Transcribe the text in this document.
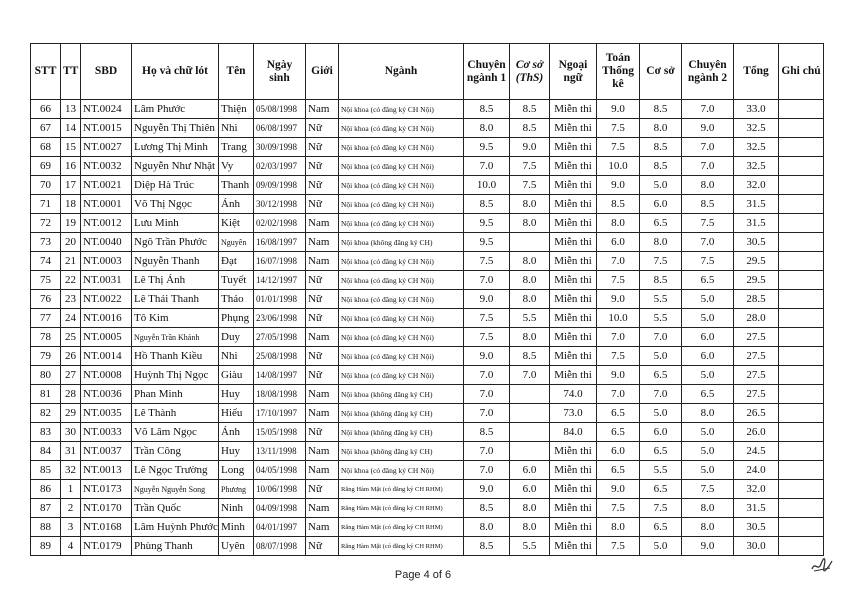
STT	TT	SBD	Họ và chữ lót	Tên	Ngày sinh	Giới	Ngành	Chuyên ngành 1	Cơ sở (ThS)	Ngoại ngữ	Toán Thống kê	Cơ sở	Chuyên ngành 2	Tổng	Ghi chú
66	13	NT.0024	Lâm Phước	Thiện	05/08/1998	Nam	Nội khoa (có đăng ký CH Nội)	8.5	8.5	Miễn thi	9.0	8.5	7.0	33.0	
67	14	NT.0015	Nguyễn Thị Thiên	Nhi	06/08/1997	Nữ	Nội khoa (có đăng ký CH Nội)	8.0	8.5	Miễn thi	7.5	8.0	9.0	32.5	
68	15	NT.0027	Lương Thị Minh	Trang	30/09/1998	Nữ	Nội khoa (có đăng ký CH Nội)	9.5	9.0	Miễn thi	7.5	8.5	7.0	32.5	
69	16	NT.0032	Nguyễn Như Nhật	Vy	02/03/1997	Nữ	Nội khoa (có đăng ký CH Nội)	7.0	7.5	Miễn thi	10.0	8.5	7.0	32.5	
70	17	NT.0021	Diệp Hà Trúc	Thanh	09/09/1998	Nữ	Nội khoa (có đăng ký CH Nội)	10.0	7.5	Miễn thi	9.0	5.0	8.0	32.0	
71	18	NT.0001	Võ Thị Ngọc	Ánh	30/12/1998	Nữ	Nội khoa (có đăng ký CH Nội)	8.5	8.0	Miễn thi	8.5	6.0	8.5	31.5	
72	19	NT.0012	Lưu Minh	Kiệt	02/02/1998	Nam	Nội khoa (có đăng ký CH Nội)	9.5	8.0	Miễn thi	8.0	6.5	7.5	31.5	
73	20	NT.0040	Ngô Trần Phước	Nguyên	16/08/1997	Nam	Nội khoa (không đăng ký CH)	9.5		Miễn thi	6.0	8.0	7.0	30.5	
74	21	NT.0003	Nguyễn Thanh	Đạt	16/07/1998	Nam	Nội khoa (có đăng ký CH Nội)	7.5	8.0	Miễn thi	7.0	7.5	7.5	29.5	
75	22	NT.0031	Lê Thị Ánh	Tuyết	14/12/1997	Nữ	Nội khoa (có đăng ký CH Nội)	7.0	8.0	Miễn thi	7.5	8.5	6.5	29.5	
76	23	NT.0022	Lê Thái Thanh	Thảo	01/01/1998	Nữ	Nội khoa (có đăng ký CH Nội)	9.0	8.0	Miễn thi	9.0	5.5	5.0	28.5	
77	24	NT.0016	Tô Kim	Phụng	23/06/1998	Nữ	Nội khoa (có đăng ký CH Nội)	7.5	5.5	Miễn thi	10.0	5.5	5.0	28.0	
78	25	NT.0005	Nguyễn Trần Khánh	Duy	27/05/1998	Nam	Nội khoa (có đăng ký CH Nội)	7.5	8.0	Miễn thi	7.0	7.0	6.0	27.5	
79	26	NT.0014	Hồ Thanh Kiều	Nhi	25/08/1998	Nữ	Nội khoa (có đăng ký CH Nội)	9.0	8.5	Miễn thi	7.5	5.0	6.0	27.5	
80	27	NT.0008	Huỳnh Thị Ngọc	Giàu	14/08/1997	Nữ	Nội khoa (có đăng ký CH Nội)	7.0	7.0	Miễn thi	9.0	6.5	5.0	27.5	
81	28	NT.0036	Phan Minh	Huy	18/08/1998	Nam	Nội khoa (không đăng ký CH)	7.0		74.0	7.0	7.0	6.5	27.5	
82	29	NT.0035	Lê Thành	Hiếu	17/10/1997	Nam	Nội khoa (không đăng ký CH)	7.0		73.0	6.5	5.0	8.0	26.5	
83	30	NT.0033	Võ Lâm Ngọc	Ánh	15/05/1998	Nữ	Nội khoa (không đăng ký CH)	8.5		84.0	6.5	6.0	5.0	26.0	
84	31	NT.0037	Trần Công	Huy	13/11/1998	Nam	Nội khoa (không đăng ký CH)	7.0		Miễn thi	6.0	6.5	5.0	24.5	
85	32	NT.0013	Lê Ngọc Trường	Long	04/05/1998	Nam	Nội khoa (có đăng ký CH Nội)	7.0	6.0	Miễn thi	6.5	5.5	5.0	24.0	
86	1	NT.0173	Nguyễn Nguyễn Song	Phương	10/06/1998	Nữ	Răng Hàm Mặt (có đăng ký CH RHM)	9.0	6.0	Miễn thi	9.0	6.5	7.5	32.0	
87	2	NT.0170	Trần Quốc	Ninh	04/09/1998	Nam	Răng Hàm Mặt (có đăng ký CH RHM)	8.5	8.0	Miễn thi	7.5	7.5	8.0	31.5	
88	3	NT.0168	Lâm Huỳnh Phước	Minh	04/01/1997	Nam	Răng Hàm Mặt (có đăng ký CH RHM)	8.0	8.0	Miễn thi	8.0	6.5	8.0	30.5	
89	4	NT.0179	Phùng Thanh	Uyên	08/07/1998	Nữ	Răng Hàm Mặt (có đăng ký CH RHM)	8.5	5.5	Miễn thi	7.5	5.0	9.0	30.0	
Page 4 of 6
